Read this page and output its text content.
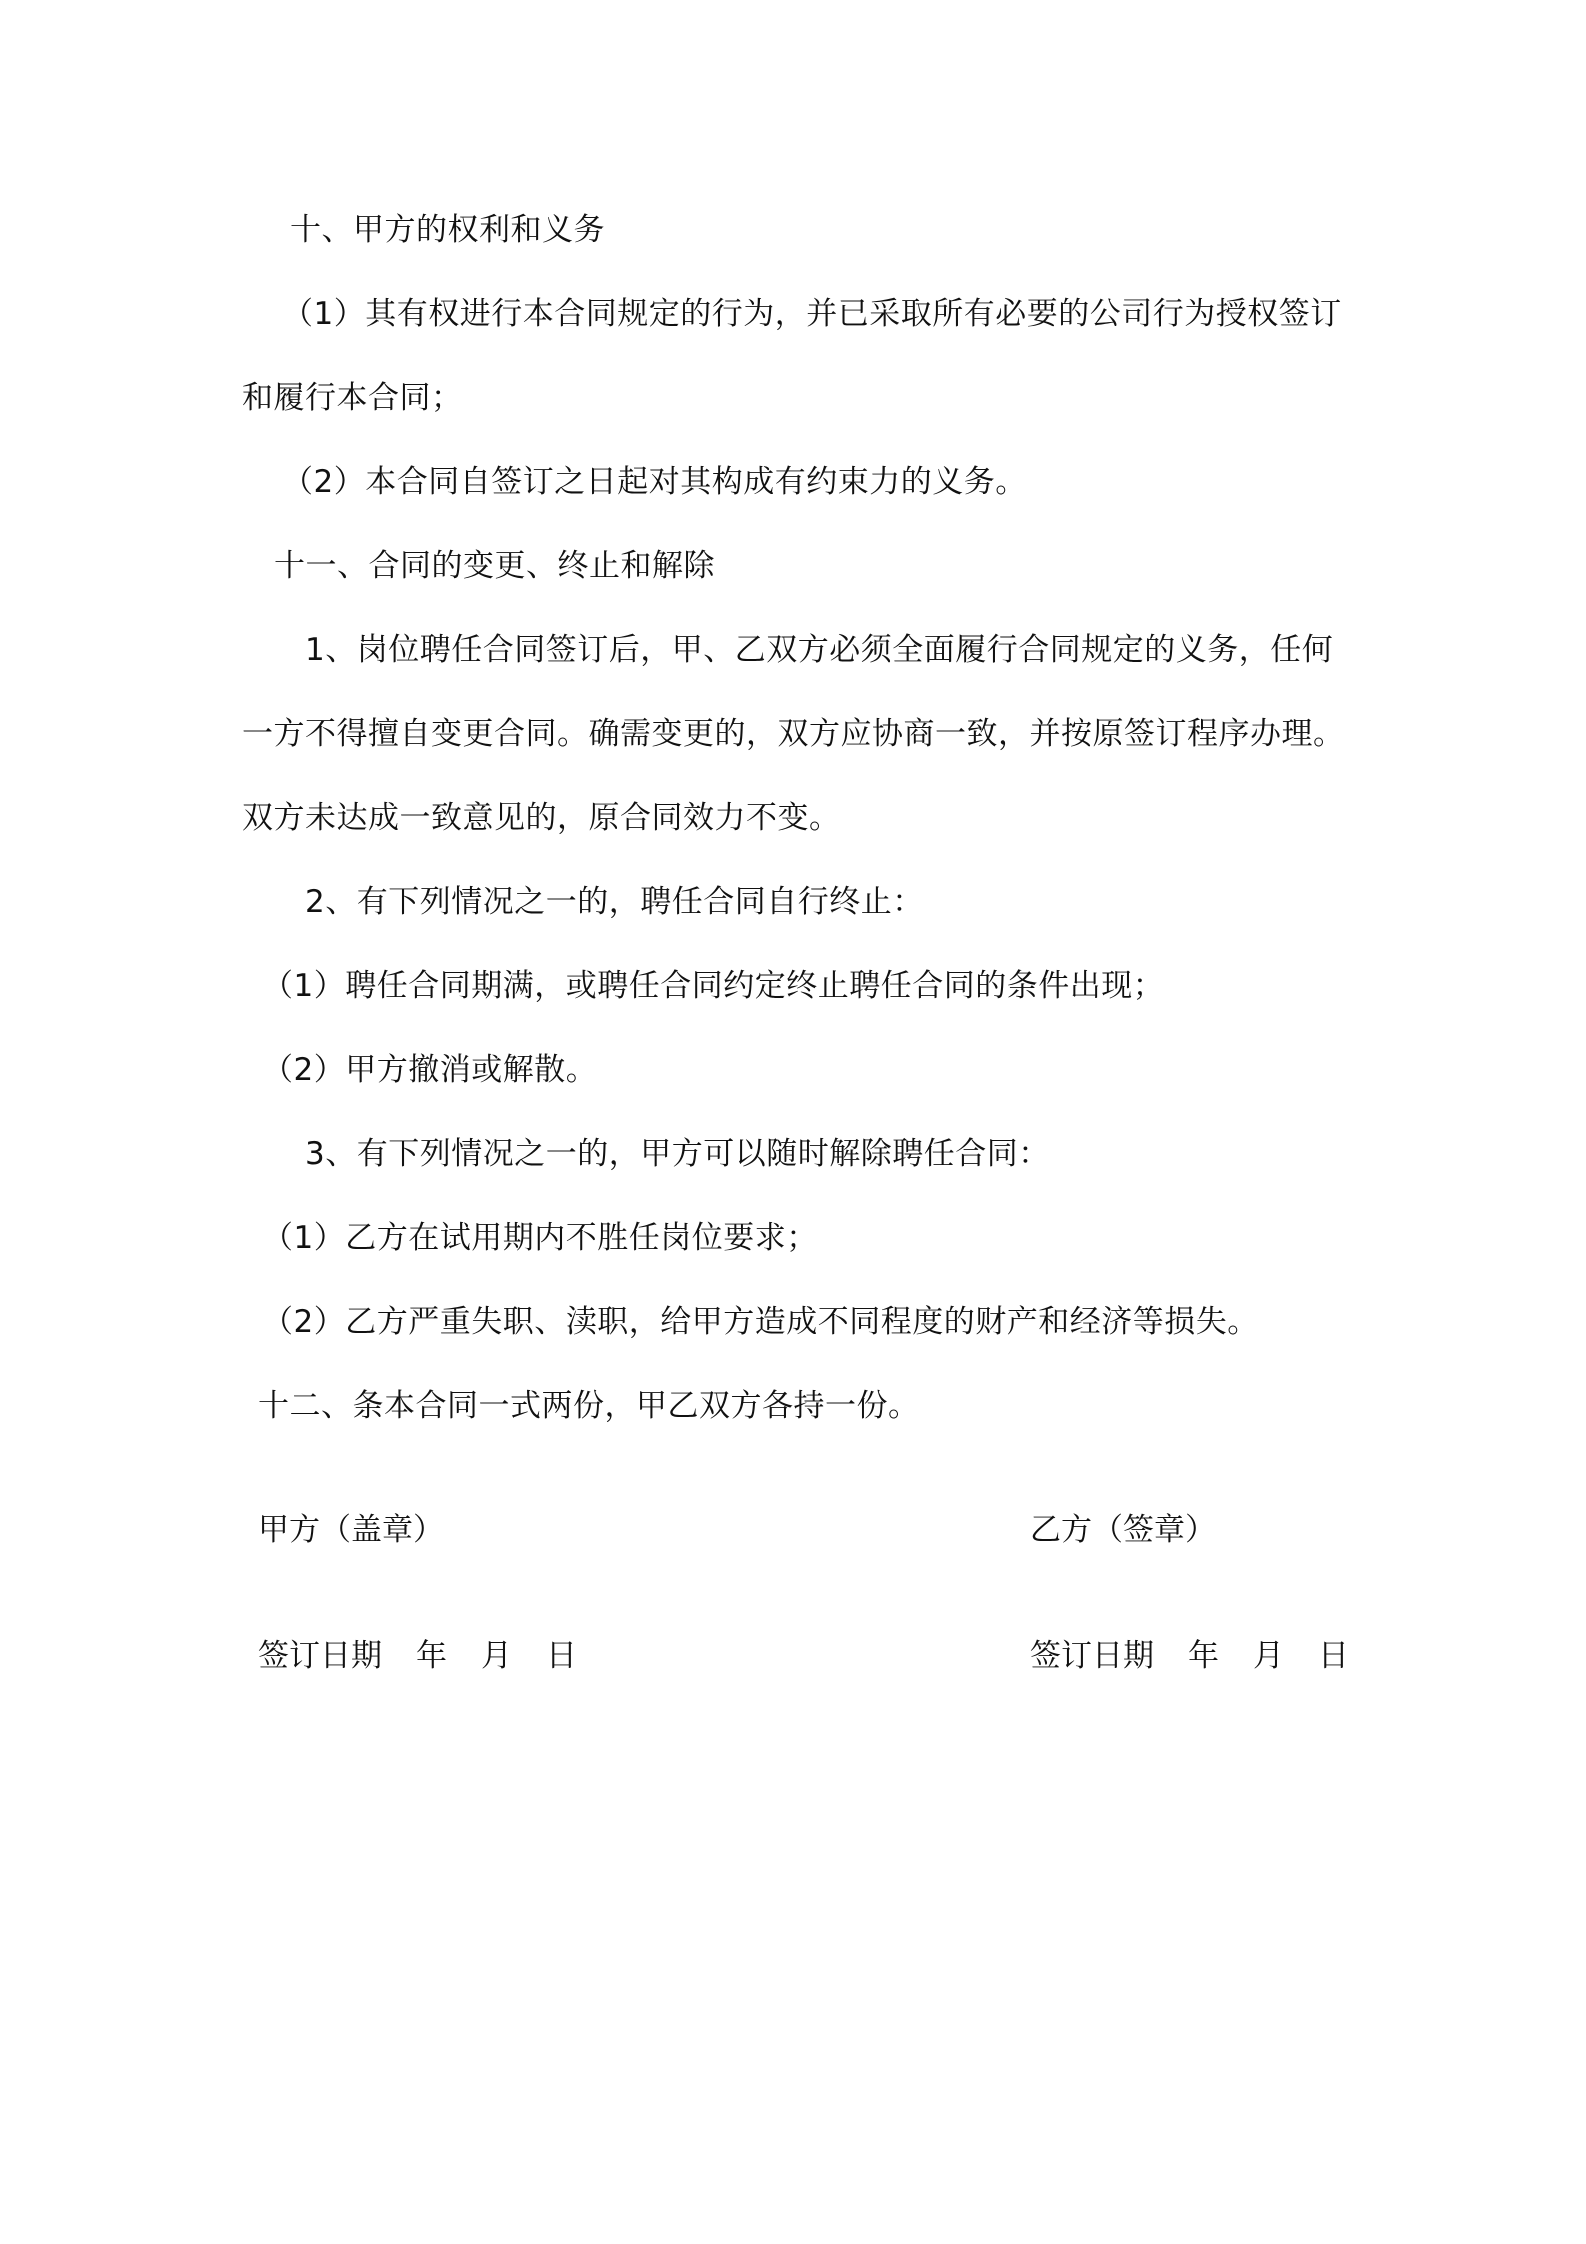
十、甲方的权利和义务
（1）其有权进行本合同规定的行为，并已采取所有必要的公司行为授权签订
和履行本合同；
（2）本合同自签订之日起对其构成有约束力的义务。
十一、合同的变更、终止和解除
1、岗位聘任合同签订后，甲、乙双方必须全面履行合同规定的义务，任何
一方不得擅自变更合同。确需变更的，双方应协商一致，并按原签订程序办理。
双方未达成一致意见的，原合同效力不变。
2、有下列情况之一的，聘任合同自行终止：
（1）聘任合同期满，或聘任合同约定终止聘任合同的条件出现；
（2）甲方撤消或解散。
3、有下列情况之一的，甲方可以随时解除聘任合同：
（1）乙方在试用期内不胜任岗位要求；
（2）乙方严重失职、渎职，给甲方造成不同程度的财产和经济等损失。
十二、条本合同一式两份，甲乙双方各持一份。
甲方（盖章）	乙方（签章）
签订日期 年 月 日	签订日期 年 月 日
